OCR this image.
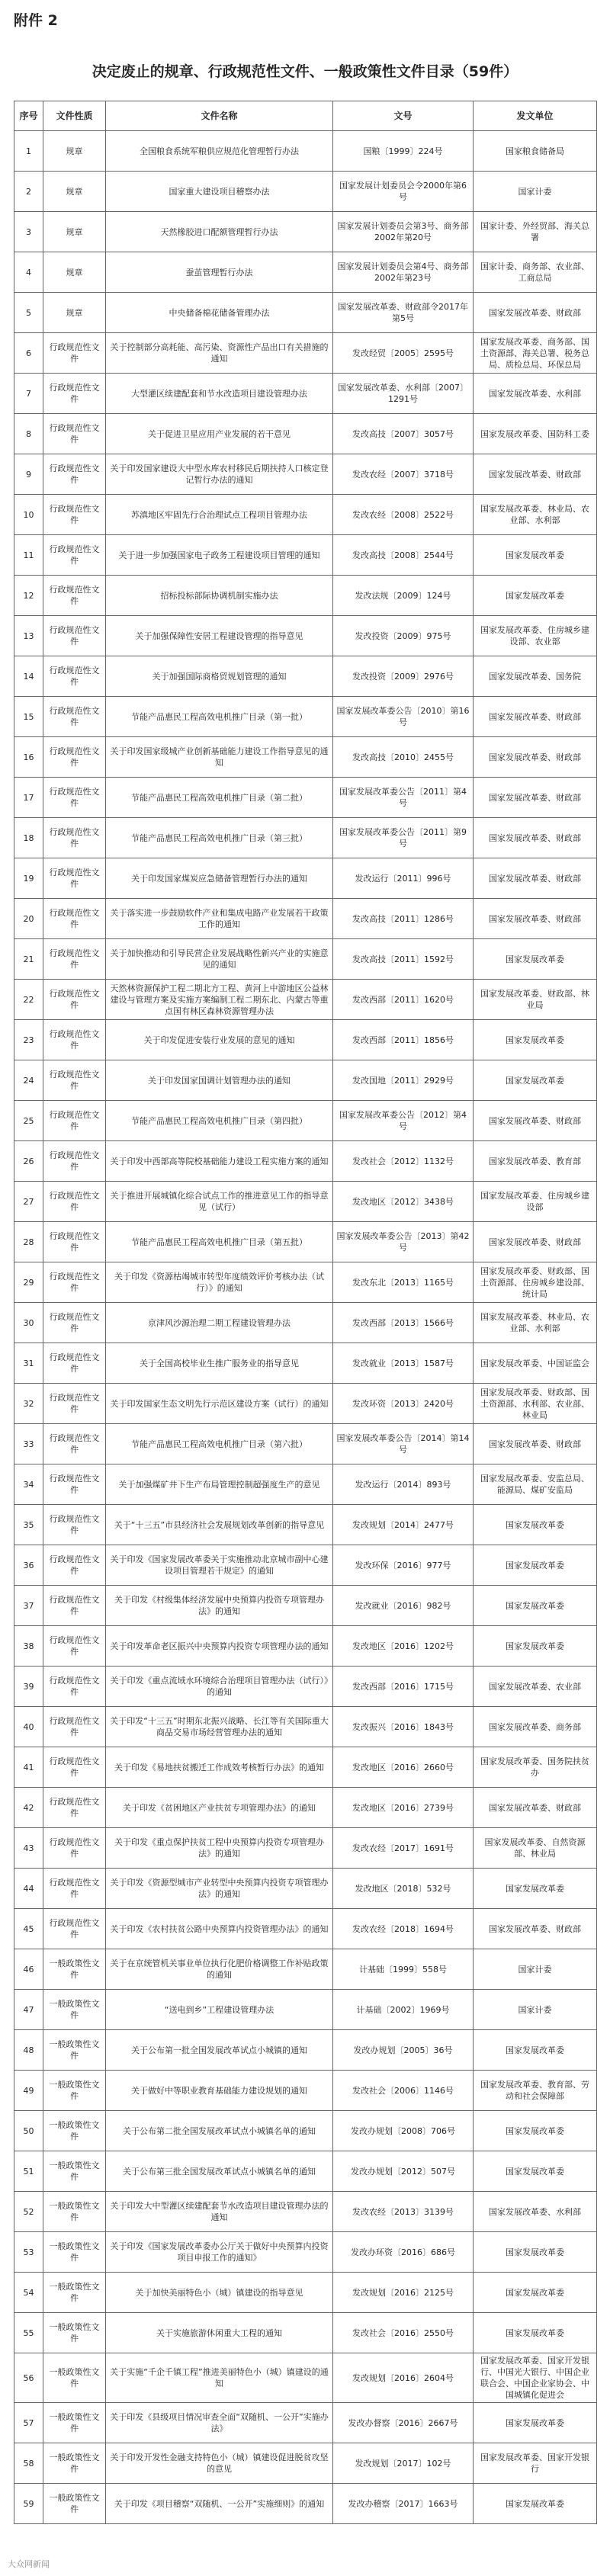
附件 2
决定废止的规章、行政规范性文件、一般政策性文件目录（59件）
序号	文件性质	文件名称	文号	发文单位
1	规章	全国粮食系统军粮供应规范化管理暂行办法	国粮〔1999〕224号	国家粮食储备局
2	规章	国家重大建设项目稽察办法	国家发展计划委员会令2000年第6号	国家计委
3	规章	天然橡胶进口配额管理暂行办法	国家发展计划委员会第3号、商务部2002年第20号	国家计委、外经贸部、海关总署
4	规章	蚕茧管理暂行办法	国家发展计划委员会第4号、商务部2002年第23号	国家计委、商务部、农业部、工商总局
5	规章	中央储备棉花储备管理办法	国家发展改革委、财政部令2017年第5号	国家发展改革委、财政部
6	行政规范性文件	关于控制部分高耗能、高污染、资源性产品出口有关措施的通知	发改经贸〔2005〕2595号	国家发展改革委、商务部、国土资源部、海关总署、税务总局、质检总局、环保总局
7	行政规范性文件	大型灌区续建配套和节水改造项目建设管理办法	国家发展改革委、水利部〔2007〕1291号	国家发展改革委、水利部
8	行政规范性文件	关于促进卫星应用产业发展的若干意见	发改高技〔2007〕3057号	国家发展改革委、国防科工委
9	行政规范性文件	关于印发国家建设大中型水库农村移民后期扶持人口核定登记暂行办法的通知	发改农经〔2007〕3718号	国家发展改革委、财政部
10	行政规范性文件	苏滇地区牢固先行合治理试点工程项目管理办法	发改农经〔2008〕2522号	国家发展改革委、林业局、农业部、水利部
11	行政规范性文件	关于进一步加强国家电子政务工程建设项目管理的通知	发改高技〔2008〕2544号	国家发展改革委
12	行政规范性文件	招标投标部际协调机制实施办法	发改法规〔2009〕124号	国家发展改革委
13	行政规范性文件	关于加强保障性安居工程建设管理的指导意见	发改投资〔2009〕975号	国家发展改革委、住房城乡建设部、农业部
14	行政规范性文件	关于加强国际商格贸规划管理的通知	发改投资〔2009〕2976号	国家发展改革委、国务院
15	行政规范性文件	节能产品惠民工程高效电机推广目录（第一批）	国家发展改革委公告〔2010〕第16号	国家发展改革委、财政部
16	行政规范性文件	关于印发国家级城产业创新基础能力建设工作指导意见的通知	发改高技〔2010〕2455号	国家发展改革委、财政部
17	行政规范性文件	节能产品惠民工程高效电机推广目录（第二批）	国家发展改革委公告〔2011〕第4号	国家发展改革委、财政部
18	行政规范性文件	节能产品惠民工程高效电机推广目录（第三批）	国家发展改革委公告〔2011〕第9号	国家发展改革委、财政部
19	行政规范性文件	关于印发国家煤炭应急储备管理暂行办法的通知	发改运行〔2011〕996号	国家发展改革委、财政部
20	行政规范性文件	关于落实进一步鼓励软件产业和集成电路产业发展若干政策工作的通知	发改高技〔2011〕1286号	国家发展改革委、财政部
21	行政规范性文件	关于加快推动和引导民营企业发展战略性新兴产业的实施意见的通知	发改高技〔2011〕1592号	国家发展改革委
22	行政规范性文件	天然林资源保护工程二期北方工程、黄河上中游地区公益林建设与管理方案及实施方案编制工程二期东北、内蒙古等重点国有林区森林资源管理办法	发改西部〔2011〕1620号	国家发展改革委、财政部、林业局
23	行政规范性文件	关于印发促进安装行业发展的意见的通知	发改西部〔2011〕1856号	国家发展改革委
24	行政规范性文件	关于印发国家国调计划管理办法的通知	发改国地〔2011〕2929号	国家发展改革委
25	行政规范性文件	节能产品惠民工程高效电机推广目录（第四批）	国家发展改革委公告〔2012〕第4号	国家发展改革委、财政部
26	行政规范性文件	关于印发中西部高等院校基础能力建设工程实施方案的通知	发改社会〔2012〕1132号	国家发展改革委、教育部
27	行政规范性文件	关于推进开展城镇化综合试点工作的推进意见工作的指导意见（试行）	发改地区〔2012〕3438号	国家发展改革委、住房城乡建设部
28	行政规范性文件	节能产品惠民工程高效电机推广目录（第五批）	国家发展改革委公告〔2013〕第42号	国家发展改革委、财政部
29	行政规范性文件	关于印发《资源枯竭城市转型年度绩效评价考核办法（试行）》的通知	发改东北〔2013〕1165号	国家发展改革委、财政部、国土资源部、住房城乡建设部、统计局
30	行政规范性文件	京津风沙源治理二期工程建设管理办法	发改西部〔2013〕1566号	国家发展改革委、林业局、农业部、水利部
31	行政规范性文件	关于全国高校毕业生推广服务业的指导意见	发改就业〔2013〕1587号	国家发展改革委、中国证监会
32	行政规范性文件	关于印发国家生态文明先行示范区建设方案（试行）的通知	发改环资〔2013〕2420号	国家发展改革委、财政部、国土资源部、水利部、农业部、林业局
33	行政规范性文件	节能产品惠民工程高效电机推广目录（第六批）	国家发展改革委公告〔2014〕第14号	国家发展改革委、财政部
34	行政规范性文件	关于加强煤矿井下生产布局管理控制超强度生产的意见	发改运行〔2014〕893号	国家发展改革委、安监总局、能源局、煤矿安监局
35	行政规范性文件	关于“十三五”市县经济社会发展规划改革创新的指导意见	发改规划〔2014〕2477号	国家发展改革委
36	行政规范性文件	关于印发《国家发展改革委关于实施推动北京城市副中心建设项目管理若干规定》的通知	发改环保〔2016〕977号	国家发展改革委
37	行政规范性文件	关于印发《村级集体经济发展中央预算内投资专项管理办法》的通知	发改就业〔2016〕982号	国家发展改革委
38	行政规范性文件	关于印发革命老区振兴中央预算内投资专项管理办法的通知	发改地区〔2016〕1202号	国家发展改革委
39	行政规范性文件	关于印发《重点流域水环境综合治理项目管理办法（试行）》的通知	发改西部〔2016〕1715号	国家发展改革委、农业部
40	行政规范性文件	关于印发“十三五”时期东北振兴战略、长江等有关国际重大商品交易市场经营管理办法的通知	发改振兴〔2016〕1843号	国家发展改革委、商务部
41	行政规范性文件	关于印发《易地扶贫搬迁工作成效考核暂行办法》的通知	发改地区〔2016〕2660号	国家发展改革委、国务院扶贫办
42	行政规范性文件	关于印发《贫困地区产业扶贫专项管理办法》的通知	发改地区〔2016〕2739号	国家发展改革委、财政部
43	行政规范性文件	关于印发《重点保护扶贫工程中央预算内投资专项管理办法》的通知	发改农经〔2017〕1691号	国家发展改革委、自然资源部、林业局
44	行政规范性文件	关于印发《资源型城市产业转型中央预算内投资专项管理办法》的通知	发改地区〔2018〕532号	国家发展改革委
45	行政规范性文件	关于印发《农村扶贫公路中央预算内投资管理办法》的通知	发改农经〔2018〕1694号	国家发展改革委、财政部
46	一般政策性文件	关于在京统管机关事业单位执行化肥价格调整工作补贴政策的通知	计基础〔1999〕558号	国家计委
47	一般政策性文件	“送电到乡”工程建设管理办法	计基础〔2002〕1969号	国家计委
48	一般政策性文件	关于公布第一批全国发展改革试点小城镇的通知	发改办规划〔2005〕36号	国家发展改革委
49	一般政策性文件	关于做好中等职业教育基础能力建设规划的通知	发改社会〔2006〕1146号	国家发展改革委、教育部、劳动和社会保障部
50	一般政策性文件	关于公布第二批全国发展改革试点小城镇名单的通知	发改办规划〔2008〕706号	国家发展改革委
51	一般政策性文件	关于公布第三批全国发展改革试点小城镇名单的通知	发改办规划〔2012〕507号	国家发展改革委
52	一般政策性文件	关于印发大中型灌区续建配套节水改造项目建设管理办法的通知	发改农经〔2013〕3139号	国家发展改革委、水利部
53	一般政策性文件	关于印发《国家发展改革委办公厅关于做好中央预算内投资项目申报工作的通知》	发改办环资〔2016〕686号	国家发展改革委
54	一般政策性文件	关于加快美丽特色小（城）镇建设的指导意见	发改规划〔2016〕2125号	国家发展改革委
55	一般政策性文件	关于实施旅游休闲重大工程的通知	发改社会〔2016〕2550号	国家发展改革委
56	一般政策性文件	关于实施“千企千镇工程”推进美丽特色小（城）镇建设的通知	发改规划〔2016〕2604号	国家发展改革委、国家开发银行、中国光大银行、中国企业联合会、中国企业家协会、中国城镇化促进会
57	一般政策性文件	关于印发《县级项目情况审查全面“双随机、一公开”实施办法》	发改办督察〔2016〕2667号	国家发展改革委
58	一般政策性文件	关于印发开发性金融支持特色小（城）镇建设促进脱贫攻坚的意见	发改规划〔2017〕102号	国家发展改革委、国家开发银行
59	一般政策性文件	关于印发《项目稽察“双随机、一公开”实施细则》的通知	发改办稽察〔2017〕1663号	国家发展改革委
大众网新闻
